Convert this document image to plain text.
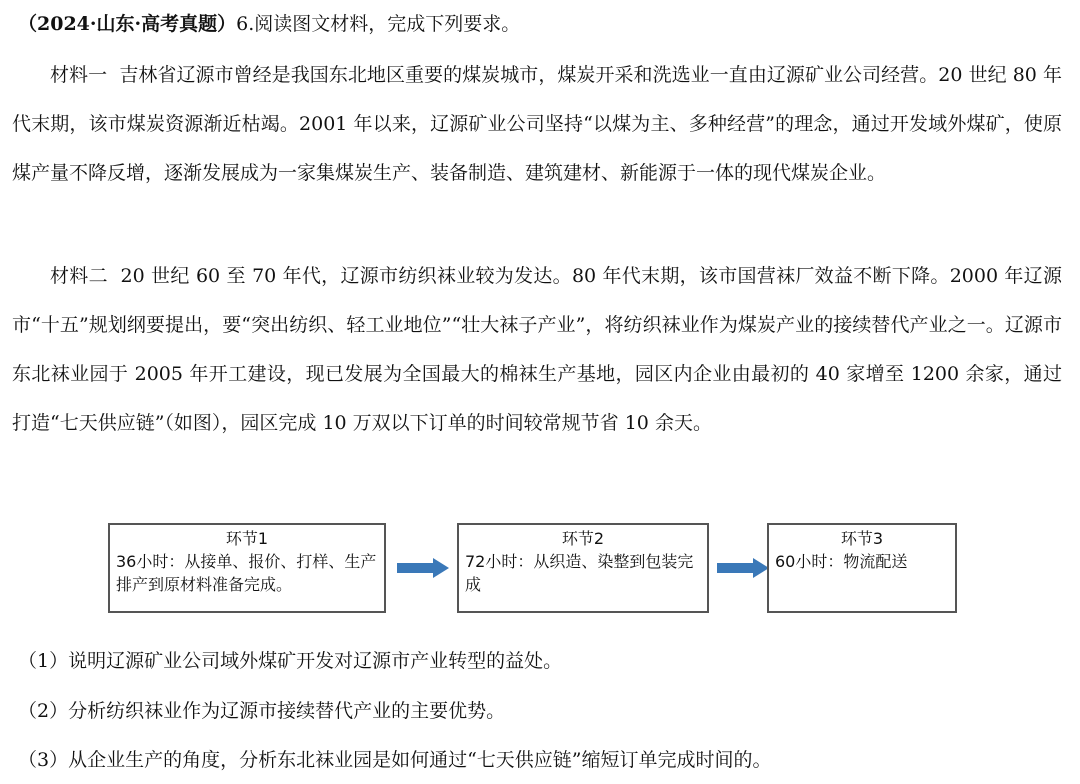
（2024·山东·高考真题）6.阅读图文材料，完成下列要求。

材料一 吉林省辽源市曾经是我国东北地区重要的煤炭城市，煤炭开采和洗选业一直由辽源矿业公司经营。20 世纪 80 年代末期，该市煤炭资源渐近枯竭。2001 年以来，辽源矿业公司坚持“以煤为主、多种经营”的理念，通过开发域外煤矿，使原煤产量不降反增，逐渐发展成为一家集煤炭生产、装备制造、建筑建材、新能源于一体的现代煤炭企业。

材料二 20 世纪 60 至 70 年代，辽源市纺织袜业较为发达。80 年代末期，该市国营袜厂效益不断下降。2000 年辽源市“十五”规划纲要提出，要“突出纺织、轻工业地位”“壮大袜子产业”，将纺织袜业作为煤炭产业的接续替代产业之一。辽源市东北袜业园于 2005 年开工建设，现已发展为全国最大的棉袜生产基地，园区内企业由最初的 40 家增至 1200 余家，通过打造“七天供应链”（如图），园区完成 10 万双以下订单的时间较常规节省 10 余天。

环节1
36小时：从接单、报价、打样、生产排产到原材料准备完成。
环节2
72小时：从织造、染整到包装完成
环节3
60小时：物流配送
（1）说明辽源矿业公司域外煤矿开发对辽源市产业转型的益处。
（2）分析纺织袜业作为辽源市接续替代产业的主要优势。
（3）从企业生产的角度，分析东北袜业园是如何通过“七天供应链”缩短订单完成时间的。
